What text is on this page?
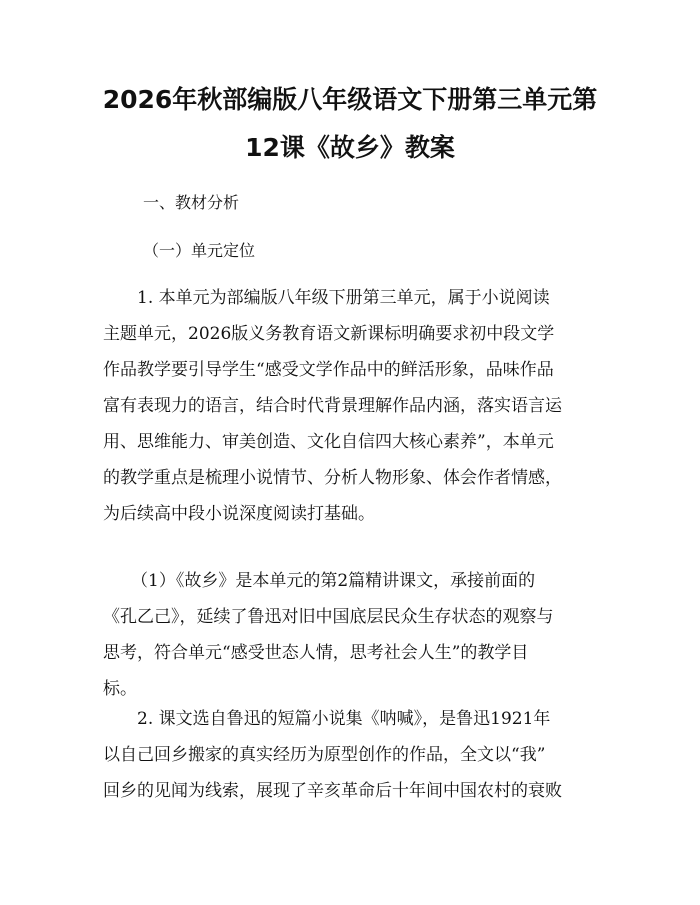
2026年秋部编版八年级语文下册第三单元第
12课《故乡》教案
一、教材分析
（一）单元定位
1. 本单元为部编版八年级下册第三单元，属于小说阅读
主题单元，2026版义务教育语文新课标明确要求初中段文学
作品教学要引导学生“感受文学作品中的鲜活形象，品味作品
富有表现力的语言，结合时代背景理解作品内涵，落实语言运
用、思维能力、审美创造、文化自信四大核心素养”，本单元
的教学重点是梳理小说情节、分析人物形象、体会作者情感，
为后续高中段小说深度阅读打基础。
（1）《故乡》是本单元的第2篇精讲课文，承接前面的
《孔乙己》，延续了鲁迅对旧中国底层民众生存状态的观察与
思考，符合单元“感受世态人情，思考社会人生”的教学目
标。
2. 课文选自鲁迅的短篇小说集《呐喊》，是鲁迅1921年
以自己回乡搬家的真实经历为原型创作的作品，全文以“我”
回乡的见闻为线索，展现了辛亥革命后十年间中国农村的衰败
